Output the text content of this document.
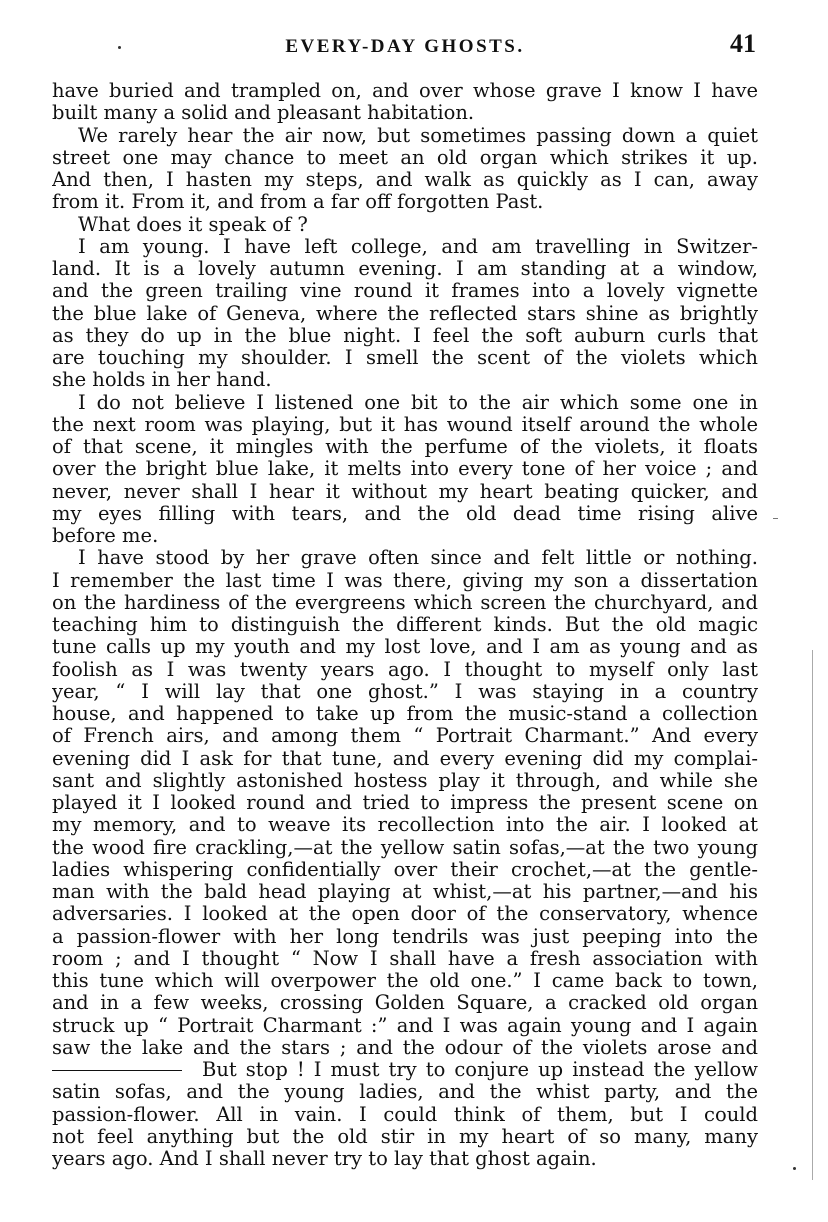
EVERY-DAY GHOSTS.	41
have buried and trampled on, and over whose grave I know I have
built many a solid and pleasant habitation.
We rarely hear the air now, but sometimes passing down a quiet
street one may chance to meet an old organ which strikes it up.
And then, I hasten my steps, and walk as quickly as I can, away
from it. From it, and from a far off forgotten Past.
What does it speak of ?
I am young. I have left college, and am travelling in Switzer-
land. It is a lovely autumn evening. I am standing at a window,
and the green trailing vine round it frames into a lovely vignette
the blue lake of Geneva, where the reflected stars shine as brightly
as they do up in the blue night. I feel the soft auburn curls that
are touching my shoulder. I smell the scent of the violets which
she holds in her hand.
I do not believe I listened one bit to the air which some one in
the next room was playing, but it has wound itself around the whole
of that scene, it mingles with the perfume of the violets, it floats
over the bright blue lake, it melts into every tone of her voice ; and
never, never shall I hear it without my heart beating quicker, and
my eyes filling with tears, and the old dead time rising alive
before me.
I have stood by her grave often since and felt little or nothing.
I remember the last time I was there, giving my son a dissertation
on the hardiness of the evergreens which screen the churchyard, and
teaching him to distinguish the different kinds. But the old magic
tune calls up my youth and my lost love, and I am as young and as
foolish as I was twenty years ago. I thought to myself only last
year, “ I will lay that one ghost.” I was staying in a country
house, and happened to take up from the music-stand a collection
of French airs, and among them “ Portrait Charmant.” And every
evening did I ask for that tune, and every evening did my complai-
sant and slightly astonished hostess play it through, and while she
played it I looked round and tried to impress the present scene on
my memory, and to weave its recollection into the air. I looked at
the wood fire crackling,—at the yellow satin sofas,—at the two young
ladies whispering confidentially over their crochet,—at the gentle-
man with the bald head playing at whist,—at his partner,—and his
adversaries. I looked at the open door of the conservatory, whence
a passion-flower with her long tendrils was just peeping into the
room ; and I thought “ Now I shall have a fresh association with
this tune which will overpower the old one.” I came back to town,
and in a few weeks, crossing Golden Square, a cracked old organ
struck up “ Portrait Charmant :” and I was again young and I again
saw the lake and the stars ; and the odour of the violets arose and
But stop ! I must try to conjure up instead the yellow
satin sofas, and the young ladies, and the whist party, and the
passion-flower. All in vain. I could think of them, but I could
not feel anything but the old stir in my heart of so many, many
years ago. And I shall never try to lay that ghost again.
